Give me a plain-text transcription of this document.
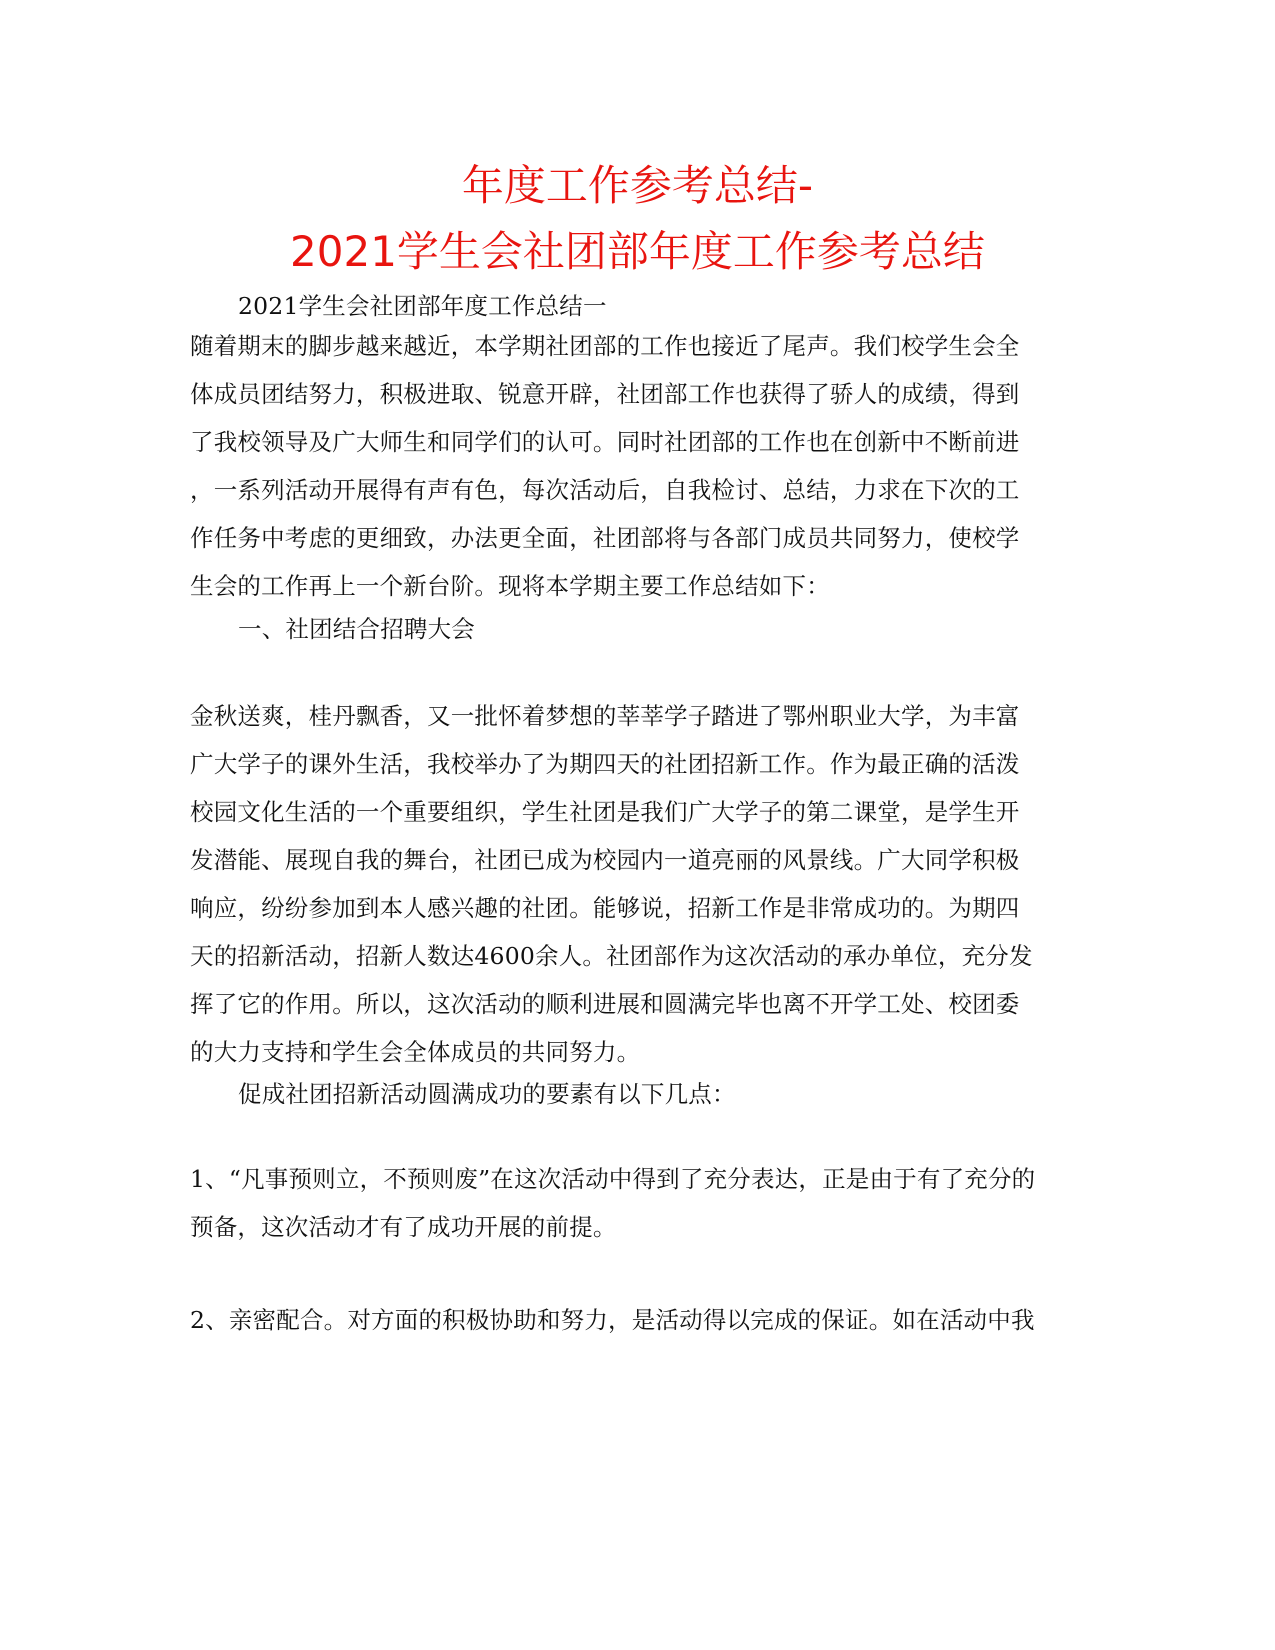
年度工作参考总结-
2021学生会社团部年度工作参考总结

2021学生会社团部年度工作总结一

随着期末的脚步越来越近，本学期社团部的工作也接近了尾声。我们校学生会全
体成员团结努力，积极进取、锐意开辟，社团部工作也获得了骄人的成绩，得到
了我校领导及广大师生和同学们的认可。同时社团部的工作也在创新中不断前进
，一系列活动开展得有声有色，每次活动后，自我检讨、总结，力求在下次的工
作任务中考虑的更细致，办法更全面，社团部将与各部门成员共同努力，使校学
生会的工作再上一个新台阶。现将本学期主要工作总结如下：

一、社团结合招聘大会

金秋送爽，桂丹飘香，又一批怀着梦想的莘莘学子踏进了鄂州职业大学，为丰富
广大学子的课外生活，我校举办了为期四天的社团招新工作。作为最正确的活泼
校园文化生活的一个重要组织，学生社团是我们广大学子的第二课堂，是学生开
发潜能、展现自我的舞台，社团已成为校园内一道亮丽的风景线。广大同学积极
响应，纷纷参加到本人感兴趣的社团。能够说，招新工作是非常成功的。为期四
天的招新活动，招新人数达4600余人。社团部作为这次活动的承办单位，充分发
挥了它的作用。所以，这次活动的顺利进展和圆满完毕也离不开学工处、校团委
的大力支持和学生会全体成员的共同努力。

促成社团招新活动圆满成功的要素有以下几点：

1、“凡事预则立，不预则废”在这次活动中得到了充分表达，正是由于有了充分的
预备，这次活动才有了成功开展的前提。

2、亲密配合。对方面的积极协助和努力，是活动得以完成的保证。如在活动中我
